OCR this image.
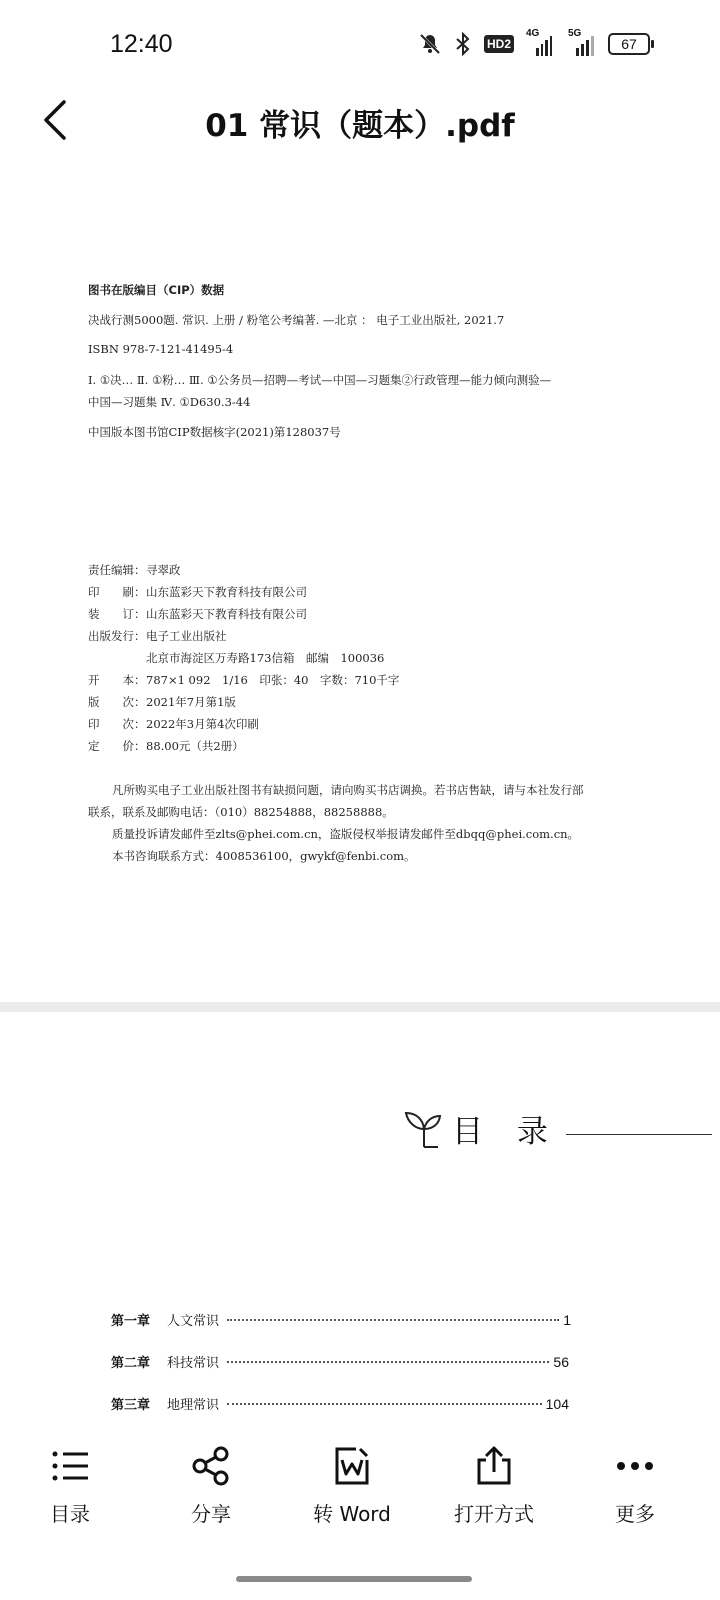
12:40	HD2
4G	5G
67
01 常识（题本）.pdf
图书在版编目（CIP）数据
决战行测5000题. 常识. 上册 / 粉笔公考编著. —北京 ： 电子工业出版社, 2021.7
ISBN 978-7-121-41495-4
Ⅰ. ①决… Ⅱ. ①粉… Ⅲ. ①公务员—招聘—考试—中国—习题集②行政管理—能力倾向测验—
中国—习题集 Ⅳ. ①D630.3-44
中国版本图书馆CIP数据核字(2021)第128037号
责任编辑：寻翠政
印　　刷：山东蓝彩天下教育科技有限公司
装　　订：山东蓝彩天下教育科技有限公司
出版发行：电子工业出版社
北京市海淀区万寿路173信箱　邮编　100036
开　　本：787×1 092　1/16　印张：40　字数：710千字
版　　次：2021年7月第1版
印　　次：2022年3月第4次印刷
定　　价：88.00元（共2册）
凡所购买电子工业出版社图书有缺损问题，请向购买书店调换。若书店售缺，请与本社发行部
联系，联系及邮购电话：（010）88254888，88258888。
质量投诉请发邮件至zlts@phei.com.cn，盗版侵权举报请发邮件至dbqq@phei.com.cn。
本书咨询联系方式：4008536100，gwykf@fenbi.com。
目 录
第一章	人文常识	1
第二章	科技常识	56
第三章	地理常识	104
目录	分享	转 Word	打开方式	更多
